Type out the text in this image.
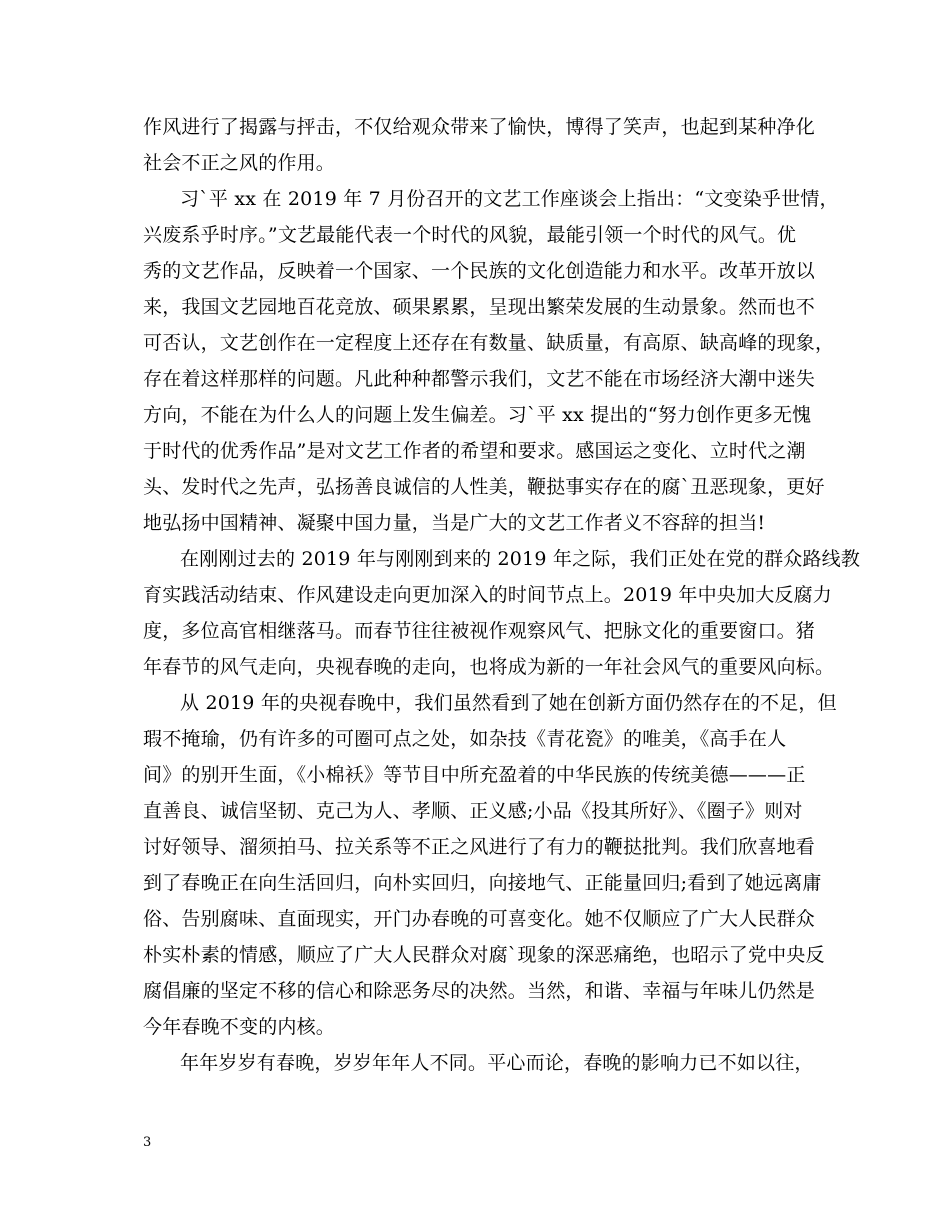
作风进行了揭露与抨击，不仅给观众带来了愉快，博得了笑声，也起到某种净化
社会不正之风的作用。
习`平 xx 在 2019 年 7 月份召开的文艺工作座谈会上指出：“文变染乎世情，
兴废系乎时序。”文艺最能代表一个时代的风貌，最能引领一个时代的风气。优
秀的文艺作品，反映着一个国家、一个民族的文化创造能力和水平。改革开放以
来，我国文艺园地百花竞放、硕果累累，呈现出繁荣发展的生动景象。然而也不
可否认，文艺创作在一定程度上还存在有数量、缺质量，有高原、缺高峰的现象，
存在着这样那样的问题。凡此种种都警示我们，文艺不能在市场经济大潮中迷失
方向，不能在为什么人的问题上发生偏差。习`平 xx 提出的“努力创作更多无愧
于时代的优秀作品”是对文艺工作者的希望和要求。感国运之变化、立时代之潮
头、发时代之先声，弘扬善良诚信的人性美，鞭挞事实存在的腐`丑恶现象，更好
地弘扬中国精神、凝聚中国力量，当是广大的文艺工作者义不容辞的担当!
在刚刚过去的 2019 年与刚刚到来的 2019 年之际，我们正处在党的群众路线教
育实践活动结束、作风建设走向更加深入的时间节点上。2019 年中央加大反腐力
度，多位高官相继落马。而春节往往被视作观察风气、把脉文化的重要窗口。猪
年春节的风气走向，央视春晚的走向，也将成为新的一年社会风气的重要风向标。
从 2019 年的央视春晚中，我们虽然看到了她在创新方面仍然存在的不足，但
瑕不掩瑜，仍有许多的可圈可点之处，如杂技《青花瓷》的唯美，《高手在人
间》的别开生面，《小棉袄》等节目中所充盈着的中华民族的传统美德———正
直善良、诚信坚韧、克己为人、孝顺、正义感;小品《投其所好》、《圈子》则对
讨好领导、溜须拍马、拉关系等不正之风进行了有力的鞭挞批判。我们欣喜地看
到了春晚正在向生活回归，向朴实回归，向接地气、正能量回归;看到了她远离庸
俗、告别腐味、直面现实，开门办春晚的可喜变化。她不仅顺应了广大人民群众
朴实朴素的情感，顺应了广大人民群众对腐`现象的深恶痛绝，也昭示了党中央反
腐倡廉的坚定不移的信心和除恶务尽的决然。当然，和谐、幸福与年味儿仍然是
今年春晚不变的内核。
年年岁岁有春晚，岁岁年年人不同。平心而论，春晚的影响力已不如以往，
3
